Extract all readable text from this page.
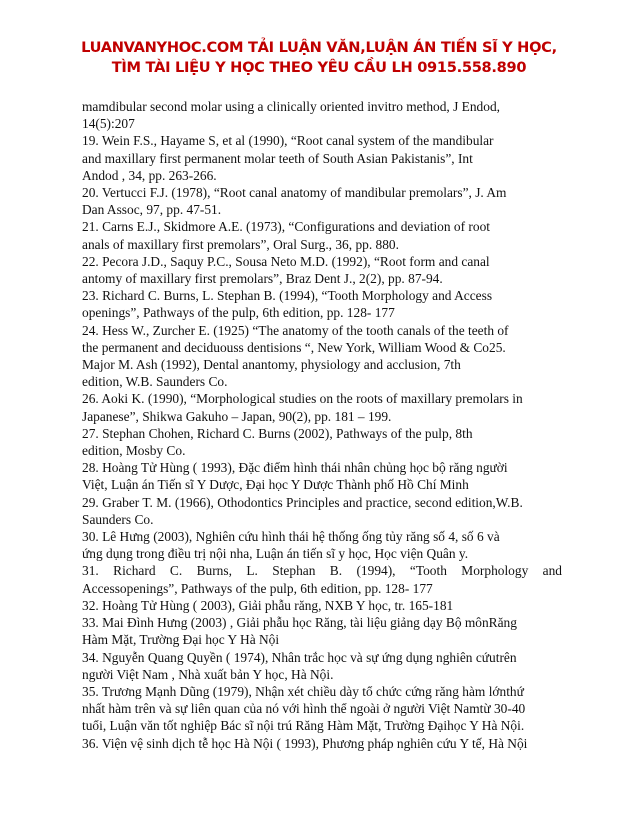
LUANVANYHOC.COM TẢI LUẬN VĂN,LUẬN ÁN TIẾN SĨ Y HỌC,
TÌM TÀI LIỆU Y HỌC THEO YÊU CẦU LH 0915.558.890
mamdibular second molar using a clinically oriented invitro method, J Endod,
14(5):207
19. Wein F.S., Hayame S, et al (1990), “Root canal system of the mandibular
and maxillary first permanent molar teeth of South Asian Pakistanis”, Int
Andod , 34, pp. 263-266.
20. Vertucci F.J. (1978), “Root canal anatomy of mandibular premolars”, J. Am
Dan Assoc, 97, pp. 47-51.
21. Carns E.J., Skidmore A.E. (1973), “Configurations and deviation of root
anals of maxillary first premolars”, Oral Surg., 36, pp. 880.
22. Pecora J.D., Saquy P.C., Sousa Neto M.D. (1992), “Root form and canal
antomy of maxillary first premolars”, Braz Dent J., 2(2), pp. 87-94.
23. Richard C. Burns, L. Stephan B. (1994), “Tooth Morphology and Access
openings”, Pathways of the pulp, 6th edition, pp. 128- 177
24. Hess W., Zurcher E. (1925) “The anatomy of the tooth canals of the teeth of
the permanent and deciduouss dentisions “, New York, William Wood & Co25.
Major M. Ash (1992), Dental anantomy, physiology and acclusion, 7th
edition, W.B. Saunders Co.
26. Aoki K. (1990), “Morphological studies on the roots of maxillary premolars in
Japanese”, Shikwa Gakuho – Japan, 90(2), pp. 181 – 199.
27. Stephan Chohen, Richard C. Burns (2002), Pathways of the pulp, 8th
edition, Mosby Co.
28. Hoàng Tử Hùng ( 1993), Đặc điểm hình thái nhân chủng học bộ răng người
Việt, Luận án Tiến sĩ Y Dược, Đại học Y Dược Thành phố Hồ Chí Minh
29. Graber T. M. (1966), Othodontics Principles and practice, second edition,W.B.
Saunders Co.
30. Lê Hưng (2003), Nghiên cứu hình thái hệ thống ống tủy răng số 4, số 6 và
ứng dụng trong điều trị nội nha, Luận án tiến sĩ y học, Học viện Quân y.
31. Richard C. Burns, L. Stephan B. (1994), “Tooth Morphology and
Accessopenings”, Pathways of the pulp, 6th edition, pp. 128- 177
32. Hoàng Tử Hùng ( 2003), Giải phẫu răng, NXB Y học, tr. 165-181
33. Mai Đình Hưng (2003) , Giải phẫu học Răng, tài liệu giảng dạy Bộ mônRăng
Hàm Mặt, Trường Đại học Y Hà Nội
34. Nguyễn Quang Quyền ( 1974), Nhân trắc học và sự ứng dụng nghiên cứutrên
người Việt Nam , Nhà xuất bản Y học, Hà Nội.
35. Trương Mạnh Dũng (1979), Nhận xét chiều dày tổ chức cứng răng hàm lớnthứ
nhất hàm trên và sự liên quan của nó với hình thể ngoài ở người Việt Namtừ 30-40
tuổi, Luận văn tốt nghiệp Bác sĩ nội trú Răng Hàm Mặt, Trường Đạihọc Y Hà Nội.
36. Viện vệ sinh dịch tễ học Hà Nội ( 1993), Phương pháp nghiên cứu Y tế, Hà Nội
